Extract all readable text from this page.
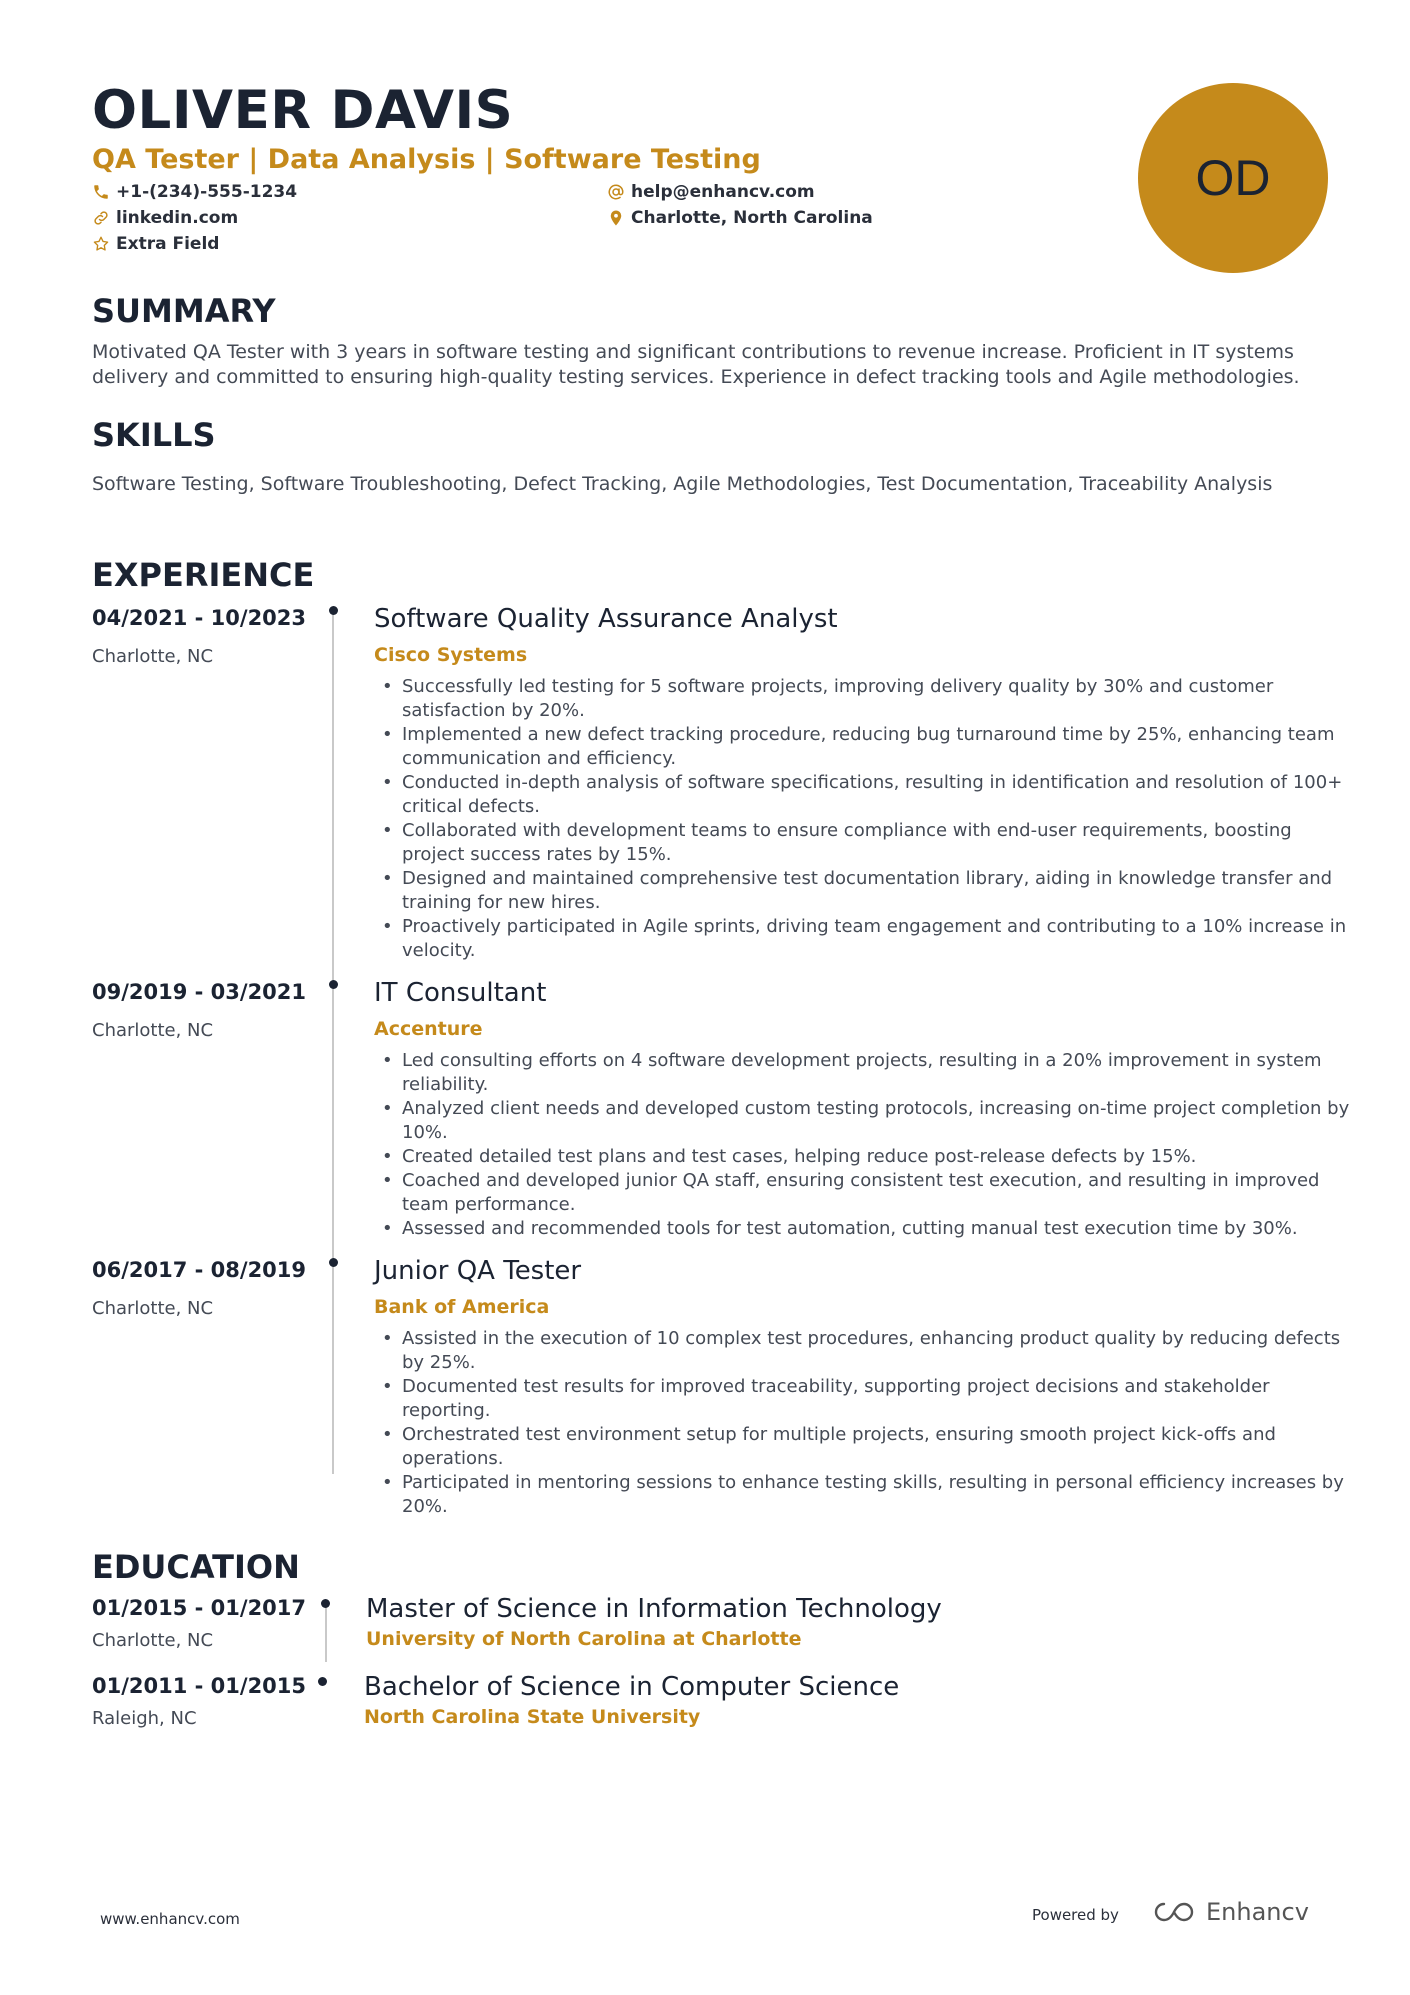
OLIVER DAVIS
QA Tester | Data Analysis | Software Testing
+1-(234)-555-1234	help@enhancv.com
linkedin.com	Charlotte, North Carolina
Extra Field
OD
SUMMARY
Motivated QA Tester with 3 years in software testing and significant contributions to revenue increase. Proficient in IT systems delivery and committed to ensuring high-quality testing services. Experience in defect tracking tools and Agile methodologies.
SKILLS
Software Testing, Software Troubleshooting, Defect Tracking, Agile Methodologies, Test Documentation, Traceability Analysis
EXPERIENCE
04/2021 - 10/2023
Charlotte, NC
Software Quality Assurance Analyst
Cisco Systems
• Successfully led testing for 5 software projects, improving delivery quality by 30% and customer satisfaction by 20%.
• Implemented a new defect tracking procedure, reducing bug turnaround time by 25%, enhancing team communication and efficiency.
• Conducted in-depth analysis of software specifications, resulting in identification and resolution of 100+ critical defects.
• Collaborated with development teams to ensure compliance with end-user requirements, boosting project success rates by 15%.
• Designed and maintained comprehensive test documentation library, aiding in knowledge transfer and training for new hires.
• Proactively participated in Agile sprints, driving team engagement and contributing to a 10% increase in velocity.
09/2019 - 03/2021
Charlotte, NC
IT Consultant
Accenture
• Led consulting efforts on 4 software development projects, resulting in a 20% improvement in system reliability.
• Analyzed client needs and developed custom testing protocols, increasing on-time project completion by 10%.
• Created detailed test plans and test cases, helping reduce post-release defects by 15%.
• Coached and developed junior QA staff, ensuring consistent test execution, and resulting in improved team performance.
• Assessed and recommended tools for test automation, cutting manual test execution time by 30%.
06/2017 - 08/2019
Charlotte, NC
Junior QA Tester
Bank of America
• Assisted in the execution of 10 complex test procedures, enhancing product quality by reducing defects by 25%.
• Documented test results for improved traceability, supporting project decisions and stakeholder reporting.
• Orchestrated test environment setup for multiple projects, ensuring smooth project kick-offs and operations.
• Participated in mentoring sessions to enhance testing skills, resulting in personal efficiency increases by 20%.
EDUCATION
01/2015 - 01/2017
Charlotte, NC
Master of Science in Information Technology
University of North Carolina at Charlotte
01/2011 - 01/2015
Raleigh, NC
Bachelor of Science in Computer Science
North Carolina State University
www.enhancv.com	Powered by	Enhancv
